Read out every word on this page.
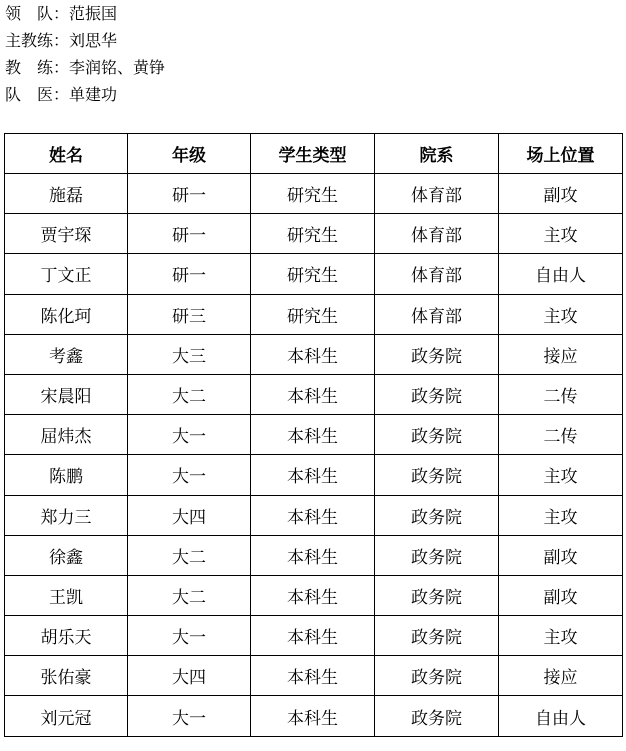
领　队：范振国
主教练：刘思华
教　练：李润铭、黄铮
队　医：单建功
姓名	年级	学生类型	院系	场上位置
施磊	研一	研究生	体育部	副攻
贾宇琛	研一	研究生	体育部	主攻
丁文正	研一	研究生	体育部	自由人
陈化珂	研三	研究生	体育部	主攻
考鑫	大三	本科生	政务院	接应
宋晨阳	大二	本科生	政务院	二传
屈炜杰	大一	本科生	政务院	二传
陈鹏	大一	本科生	政务院	主攻
郑力三	大四	本科生	政务院	主攻
徐鑫	大二	本科生	政务院	副攻
王凯	大二	本科生	政务院	副攻
胡乐天	大一	本科生	政务院	主攻
张佑豪	大四	本科生	政务院	接应
刘元冠	大一	本科生	政务院	自由人
